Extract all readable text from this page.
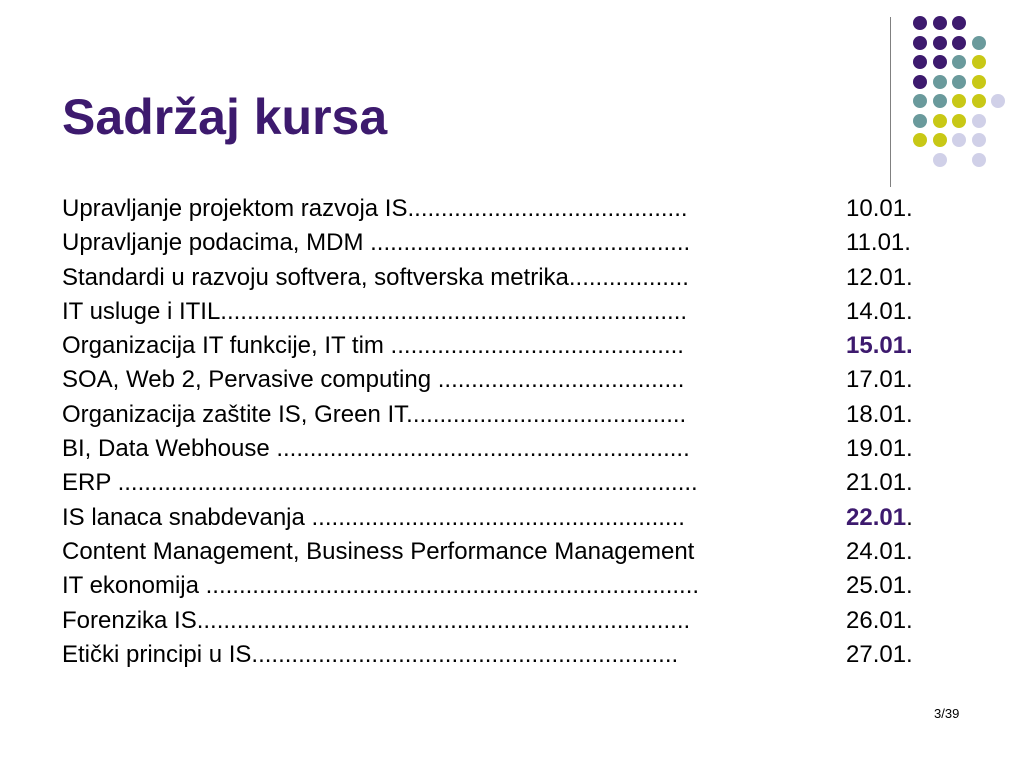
Sadržaj kursa
Upravljanje projektom razvoja IS..........................................
Upravljanje podacima, MDM ................................................
Standardi u razvoju softvera, softverska metrika..................
IT usluge i ITIL......................................................................
Organizacija IT funkcije, IT tim ............................................
SOA, Web 2, Pervasive computing .....................................
Organizacija zaštite IS, Green IT..........................................
BI, Data Webhouse ..............................................................
ERP .......................................................................................
IS lanaca snabdevanja ........................................................
Content Management, Business Performance Management
IT ekonomija ..........................................................................
Forenzika IS..........................................................................
Etički principi u IS................................................................
10.01.
11.01.
12.01.
14.01.
15.01.
17.01.
18.01.
19.01.
21.01.
22.01.
24.01.
25.01.
26.01.
27.01.
3/39
